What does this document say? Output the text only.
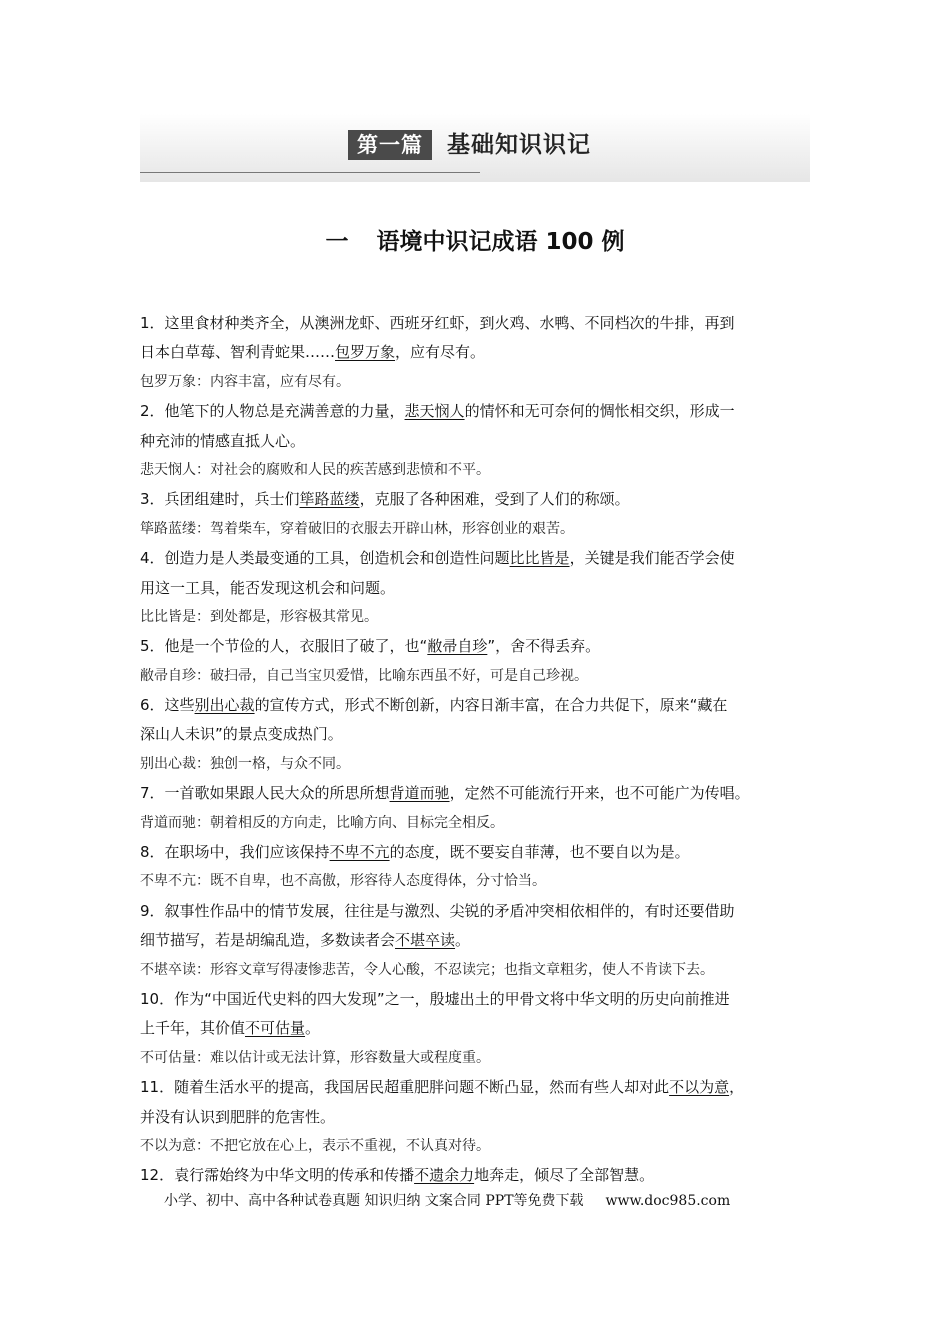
第一篇	基础知识识记
一 语境中识记成语 100 例
1．这里食材种类齐全，从澳洲龙虾、西班牙红虾，到火鸡、水鸭、不同档次的牛排，再到
日本白草莓、智利青蛇果……包罗万象，应有尽有。
包罗万象：内容丰富，应有尽有。
2．他笔下的人物总是充满善意的力量，悲天悯人的情怀和无可奈何的惆怅相交织，形成一
种充沛的情感直抵人心。
悲天悯人：对社会的腐败和人民的疾苦感到悲愤和不平。
3．兵团组建时，兵士们筚路蓝缕，克服了各种困难，受到了人们的称颂。
筚路蓝缕：驾着柴车，穿着破旧的衣服去开辟山林，形容创业的艰苦。
4．创造力是人类最变通的工具，创造机会和创造性问题比比皆是，关键是我们能否学会使
用这一工具，能否发现这机会和问题。
比比皆是：到处都是，形容极其常见。
5．他是一个节俭的人，衣服旧了破了，也“敝帚自珍”，舍不得丢弃。
敝帚自珍：破扫帚，自己当宝贝爱惜，比喻东西虽不好，可是自己珍视。
6．这些别出心裁的宣传方式，形式不断创新，内容日渐丰富，在合力共促下，原来“藏在
深山人未识”的景点变成热门。
别出心裁：独创一格，与众不同。
7．一首歌如果跟人民大众的所思所想背道而驰，定然不可能流行开来，也不可能广为传唱。
背道而驰：朝着相反的方向走，比喻方向、目标完全相反。
8．在职场中，我们应该保持不卑不亢的态度，既不要妄自菲薄，也不要自以为是。
不卑不亢：既不自卑，也不高傲，形容待人态度得体，分寸恰当。
9．叙事性作品中的情节发展，往往是与激烈、尖锐的矛盾冲突相依相伴的，有时还要借助
细节描写，若是胡编乱造，多数读者会不堪卒读。
不堪卒读：形容文章写得凄惨悲苦，令人心酸，不忍读完；也指文章粗劣，使人不肯读下去。
10．作为“中国近代史料的四大发现”之一，殷墟出土的甲骨文将中华文明的历史向前推进
上千年，其价值不可估量。
不可估量：难以估计或无法计算，形容数量大或程度重。
11．随着生活水平的提高，我国居民超重肥胖问题不断凸显，然而有些人却对此不以为意，
并没有认识到肥胖的危害性。
不以为意：不把它放在心上，表示不重视，不认真对待。
12．袁行霈始终为中华文明的传承和传播不遗余力地奔走，倾尽了全部智慧。
小学、初中、高中各种试卷真题 知识归纳 文案合同 PPT等免费下载 www.doc985.com
